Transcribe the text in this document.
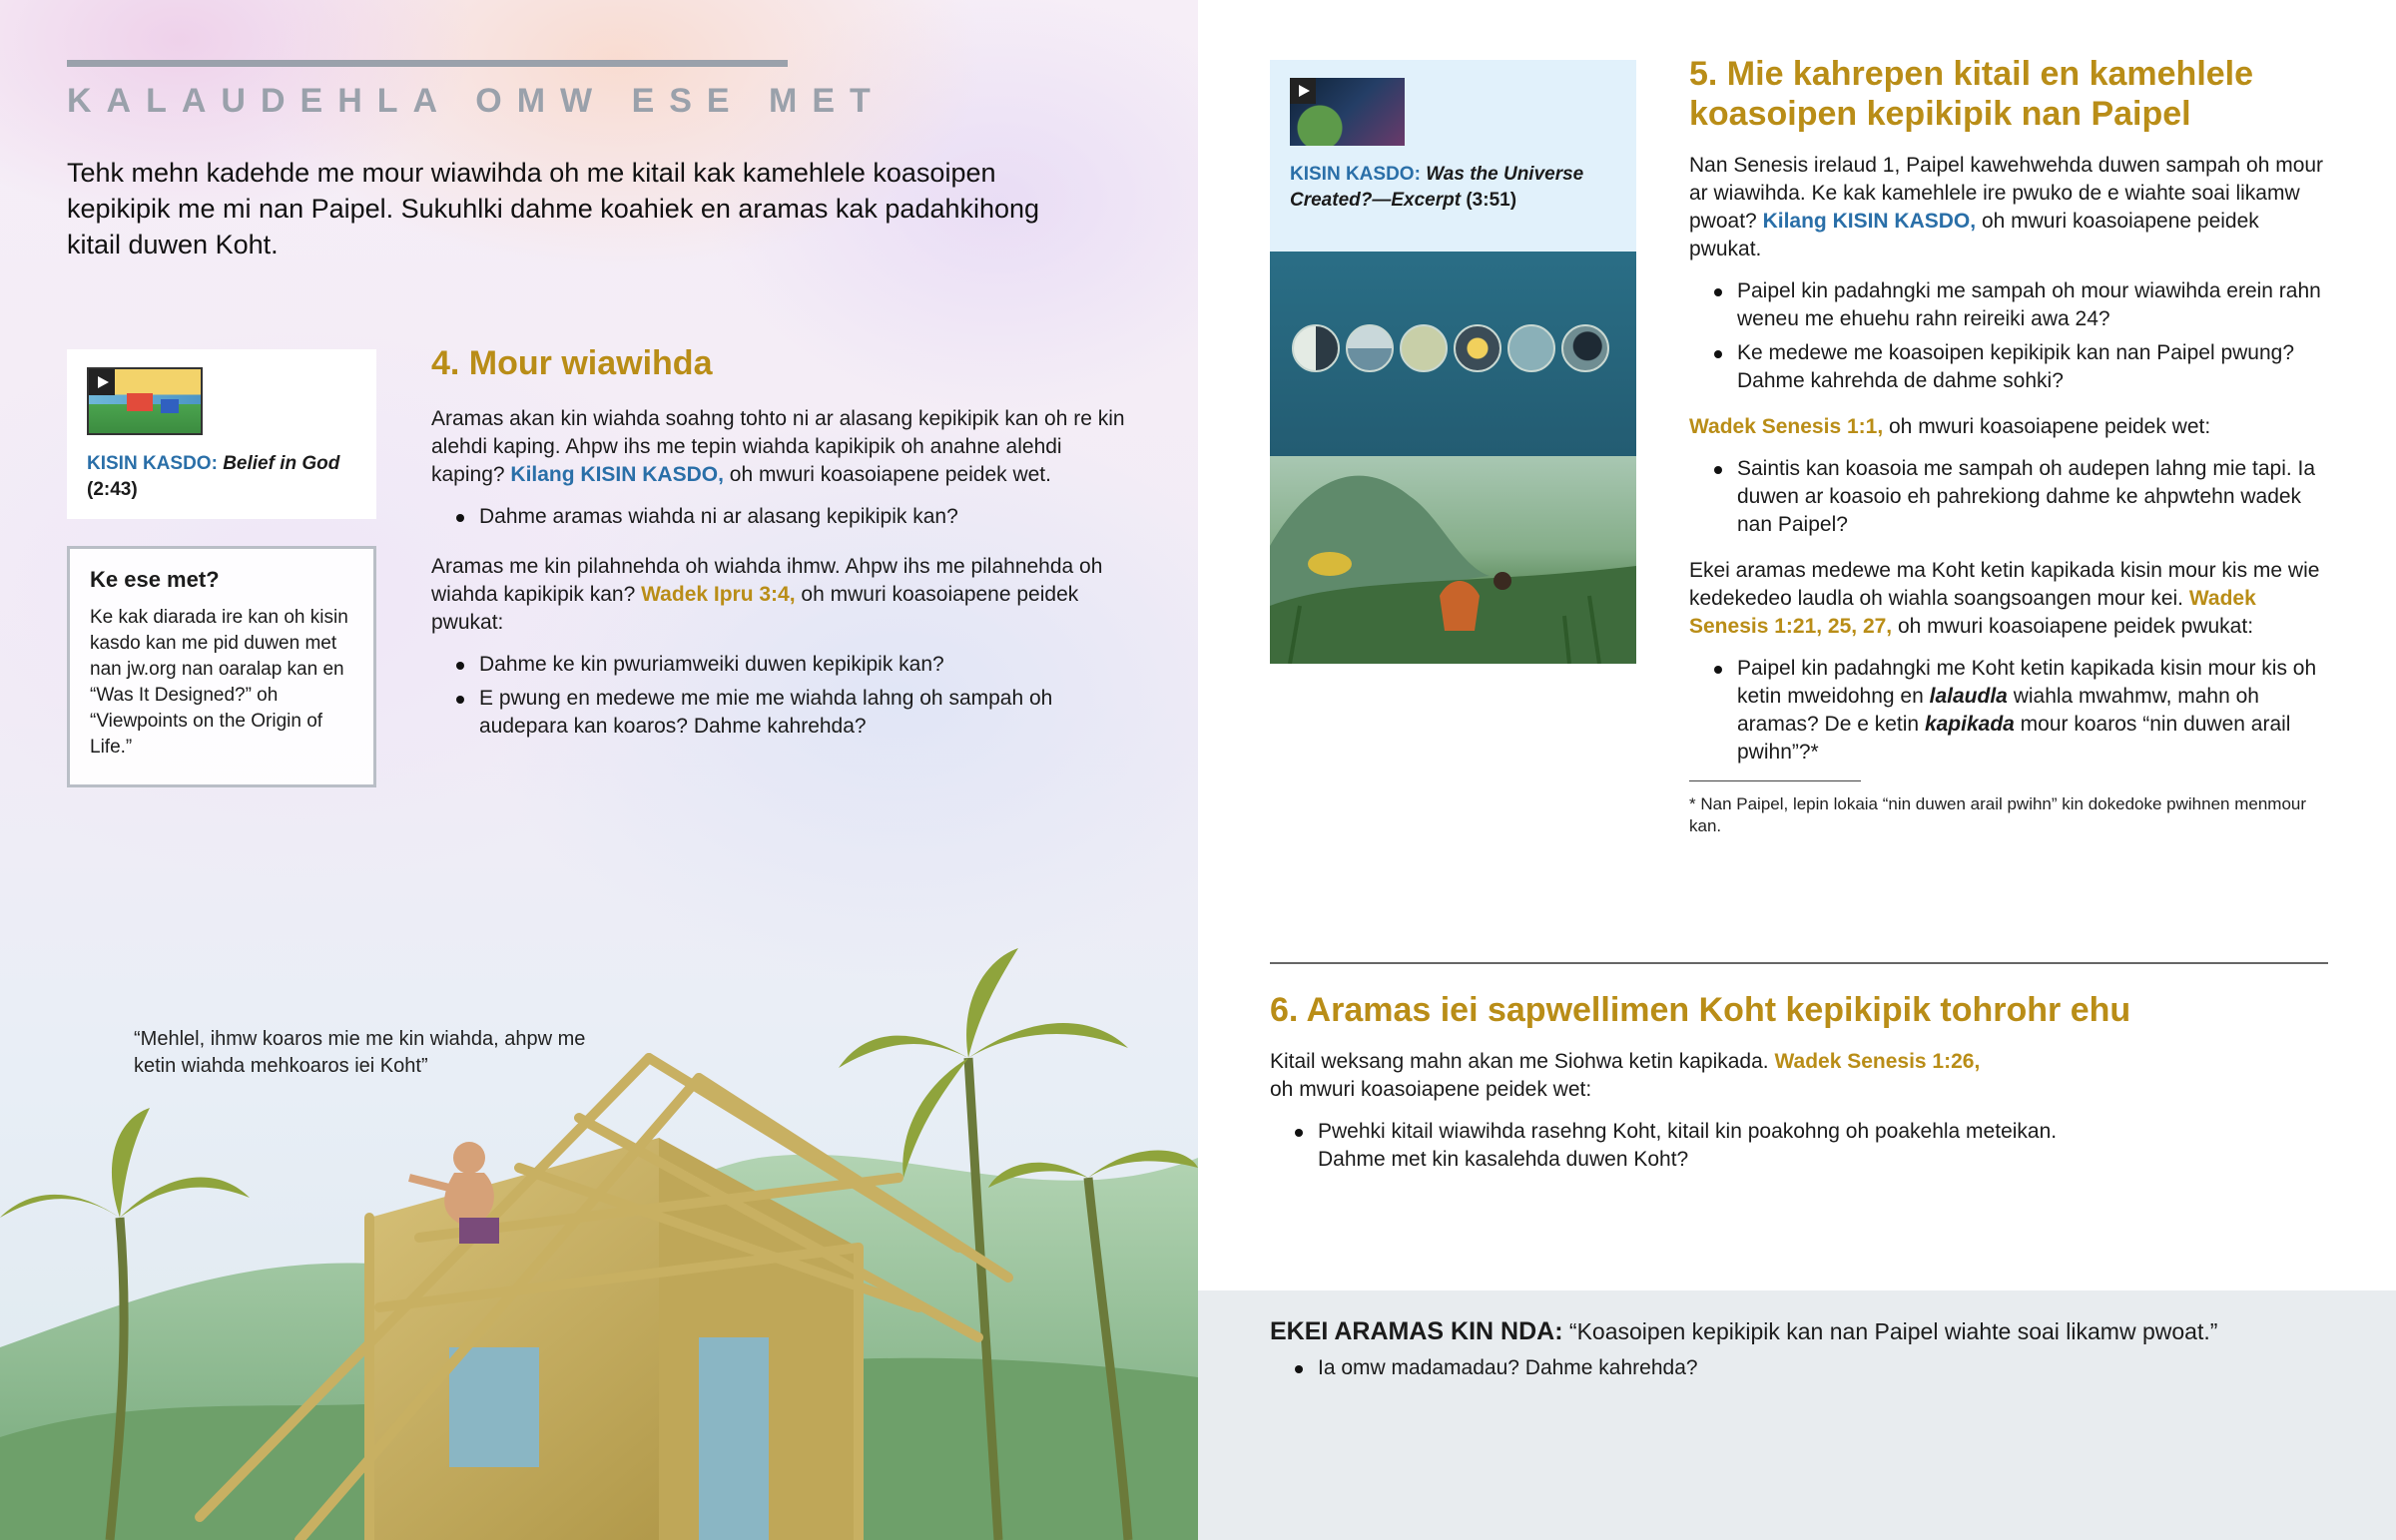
KALAUDEHLA OMW ESE MET

Tehk mehn kadehde me mour wiawihda oh me kitail kak kamehlele koasoipen kepikipik me mi nan Paipel. Sukuhlki dahme koahiek en aramas kak padahkihong kitail duwen Koht.

KISIN KASDO: Belief in God
(2:43)
Ke ese met?
Ke kak diarada ire kan oh kisin kasdo kan me pid duwen met nan jw.org nan oaralap kan en “Was It Designed?” oh “Viewpoints on the Origin of Life.”
4. Mour wiawihda

Aramas akan kin wiahda soahng tohto ni ar alasang kepikipik kan oh re kin alehdi kaping. Ahpw ihs me tepin wiahda kapikipik oh anahne alehdi kaping? Kilang KISIN KASDO, oh mwuri koasoiapene peidek wet.

Dahme aramas wiahda ni ar alasang kepikipik kan?

Aramas me kin pilahnehda oh wiahda ihmw. Ahpw ihs me pilahnehda oh wiahda kapikipik kan? Wadek Ipru 3:4, oh mwuri koasoiapene peidek pwukat:

Dahme ke kin pwuriamweiki duwen kepikipik kan?
E pwung en medewe me mie me wiahda lahng oh sampah oh audepara kan koaros? Dahme kahrehda?
“Mehlel, ihmw koaros mie me kin wiahda, ahpw me ketin wiahda mehkoaros iei Koht”
KISIN KASDO: Was the Universe Created?—Excerpt (3:51)
5. Mie kahrepen kitail en kamehlele koasoipen kepikipik nan Paipel

Nan Senesis irelaud 1, Paipel kawehwehda duwen sampah oh mour ar wiawihda. Ke kak kamehlele ire pwuko de e wiahte soai likamw pwoat? Kilang KISIN KASDO, oh mwuri koasoiapene peidek pwukat.

Paipel kin padahngki me sampah oh mour wiawihda erein rahn weneu me ehuehu rahn reireiki awa 24?
Ke medewe me koasoipen kepikipik kan nan Paipel pwung? Dahme kahrehda de dahme sohki?

Wadek Senesis 1:1, oh mwuri koasoiapene peidek wet:

Saintis kan koasoia me sampah oh audepen lahng mie tapi. Ia duwen ar koasoio eh pahrekiong dahme ke ahpwtehn wadek nan Paipel?

Ekei aramas medewe ma Koht ketin kapikada kisin mour kis me wie kedekedeo laudla oh wiahla soangsoangen mour kei. Wadek Senesis 1:21, 25, 27, oh mwuri koasoiapene peidek pwukat:

Paipel kin padahngki me Koht ketin kapikada kisin mour kis oh ketin mweidohng en lalaudla wiahla mwahmw, mahn oh aramas? De e ketin kapikada mour koaros “nin duwen arail pwihn”?*

* Nan Paipel, lepin lokaia “nin duwen arail pwihn” kin dokedoke pwihnen menmour kan.

6. Aramas iei sapwellimen Koht kepikipik tohrohr ehu

Kitail weksang mahn akan me Siohwa ketin kapikada. Wadek Senesis 1:26,
oh mwuri koasoiapene peidek wet:

Pwehki kitail wiawihda rasehng Koht, kitail kin poakohng oh poakehla meteikan. Dahme met kin kasalehda duwen Koht?

EKEI ARAMAS KIN NDA: “Koasoipen kepikipik kan nan Paipel wiahte soai likamw pwoat.”

Ia omw madamadau? Dahme kahrehda?
